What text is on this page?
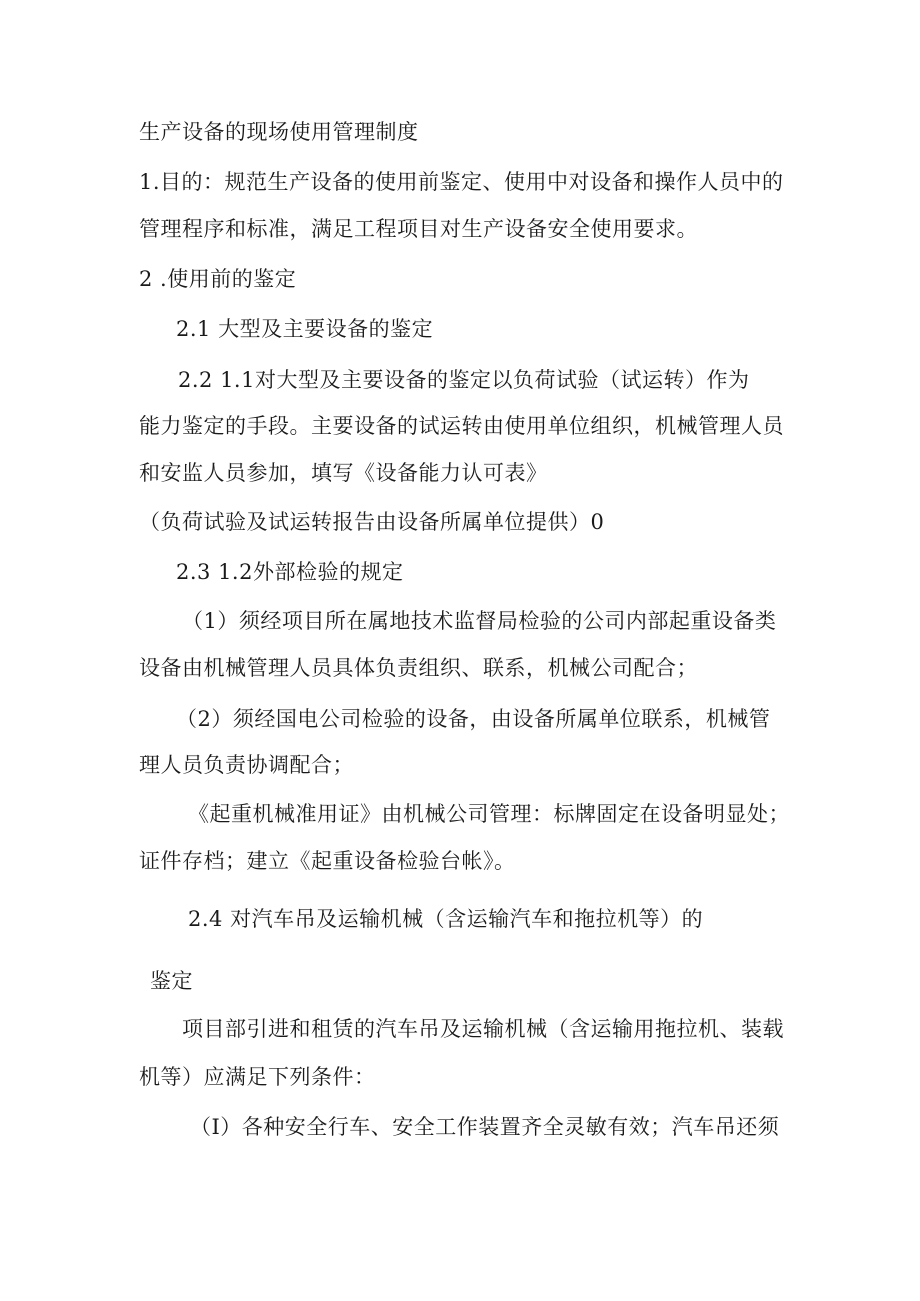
生产设备的现场使用管理制度
1.目的：规范生产设备的使用前鉴定、使用中对设备和操作人员中的
管理程序和标准，满足工程项目对生产设备安全使用要求。
2 .使用前的鉴定
2.1 大型及主要设备的鉴定
2.2 1.1对大型及主要设备的鉴定以负荷试验（试运转）作为
能力鉴定的手段。主要设备的试运转由使用单位组织，机械管理人员
和安监人员参加，填写《设备能力认可表》
（负荷试验及试运转报告由设备所属单位提供）0
2.3 1.2外部检验的规定
（1）须经项目所在属地技术监督局检验的公司内部起重设备类
设备由机械管理人员具体负责组织、联系，机械公司配合；
（2）须经国电公司检验的设备，由设备所属单位联系，机械管
理人员负责协调配合；
《起重机械准用证》由机械公司管理：标牌固定在设备明显处；
证件存档；建立《起重设备检验台帐》。
2.4 对汽车吊及运输机械（含运输汽车和拖拉机等）的
鉴定
项目部引进和租赁的汽车吊及运输机械（含运输用拖拉机、装载
机等）应满足下列条件：
（I）各种安全行车、安全工作装置齐全灵敏有效；汽车吊还须
